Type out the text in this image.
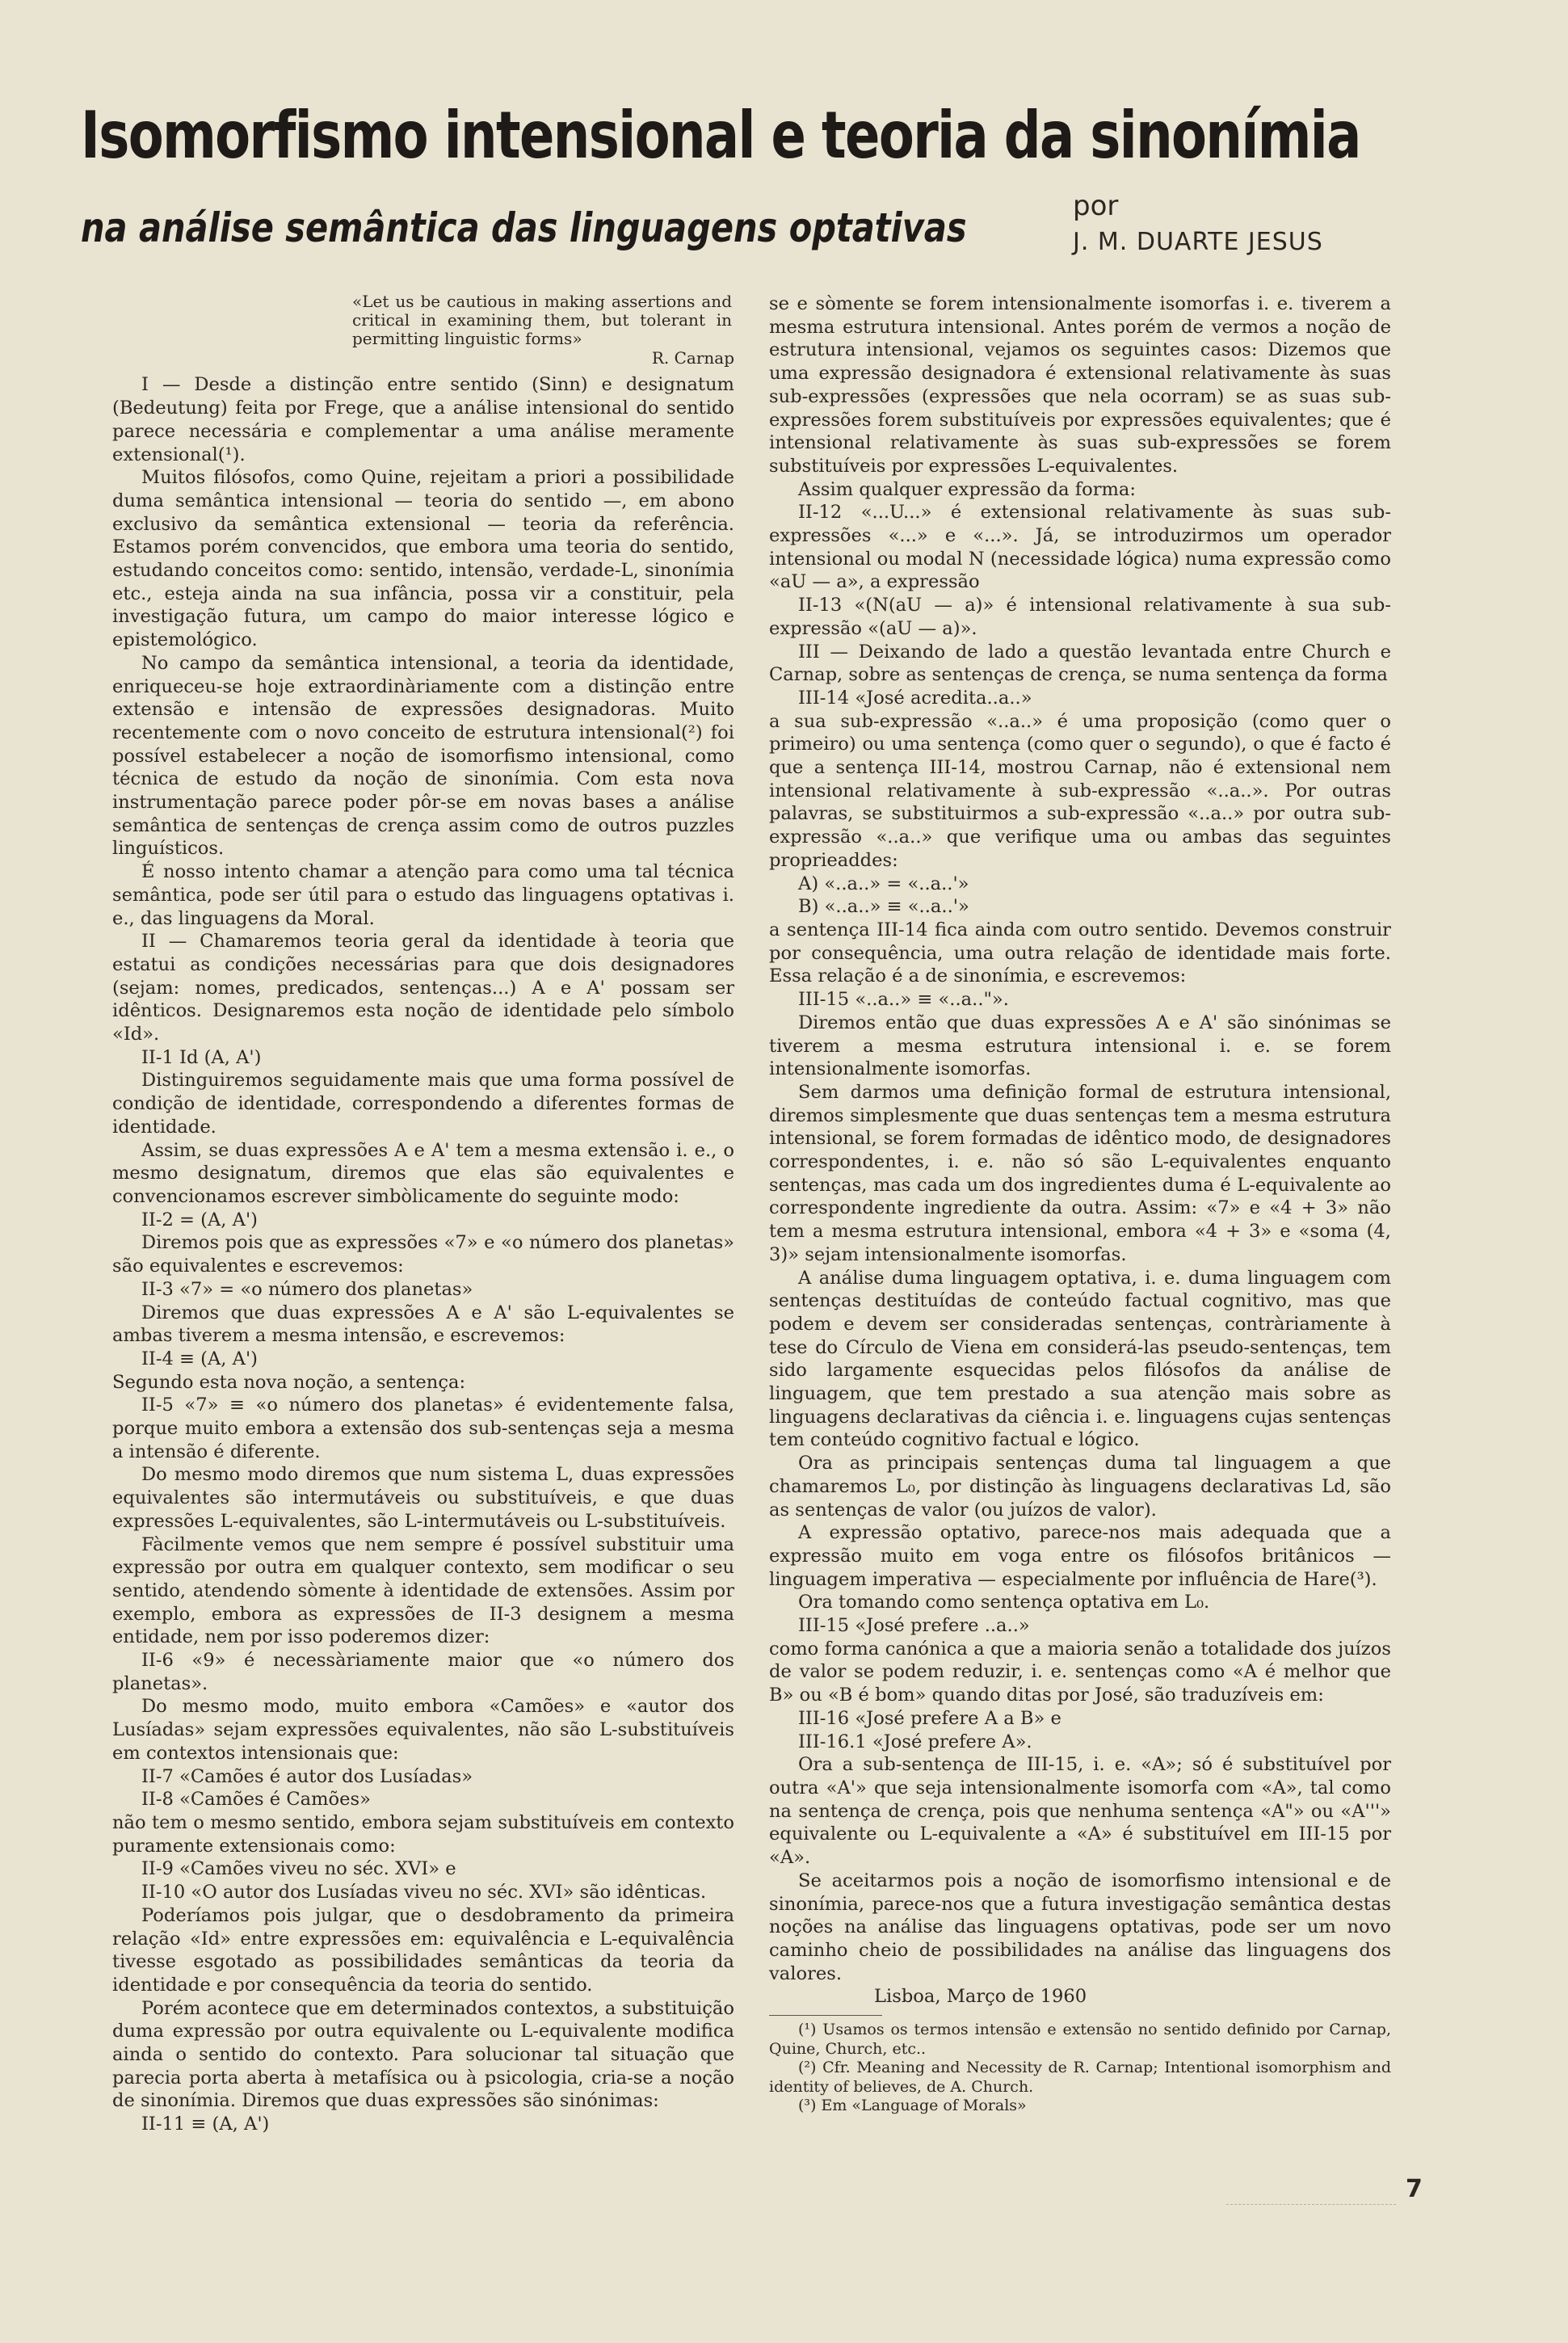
Isomorfismo intensional e teoria da sinonímia
na análise semântica das linguagens optativas	por
J. M. DUARTE JESUS
«Let us be cautious in making assertions and critical in examining them, but tolerant in permitting linguistic forms»
R. Carnap

I — Desde a distinção entre sentido (Sinn) e designatum (Bedeutung) feita por Frege, que a análise intensional do sentido parece necessária e complementar a uma análise meramente extensional(¹).

Muitos filósofos, como Quine, rejeitam a priori a possibilidade duma semântica intensional — teoria do sentido —, em abono exclusivo da semântica extensional — teoria da referência. Estamos porém convencidos, que embora uma teoria do sentido, estudando conceitos como: sentido, intensão, verdade-L, sinonímia etc., esteja ainda na sua infância, possa vir a constituir, pela investigação futura, um campo do maior interesse lógico e epistemológico.

No campo da semântica intensional, a teoria da identidade, enriqueceu-se hoje extraordinàriamente com a distinção entre extensão e intensão de expressões designadoras. Muito recentemente com o novo conceito de estrutura intensional(²) foi possível estabelecer a noção de isomorfismo intensional, como técnica de estudo da noção de sinonímia. Com esta nova instrumentação parece poder pôr-se em novas bases a análise semântica de sentenças de crença assim como de outros puzzles linguísticos.

É nosso intento chamar a atenção para como uma tal técnica semântica, pode ser útil para o estudo das linguagens optativas i. e., das linguagens da Moral.

II — Chamaremos teoria geral da identidade à teoria que estatui as condições necessárias para que dois designadores (sejam: nomes, predicados, sentenças...) A e A' possam ser idênticos. Designaremos esta noção de identidade pelo símbolo «Id».

II-1 Id (A, A')

Distinguiremos seguidamente mais que uma forma possível de condição de identidade, correspondendo a diferentes formas de identidade.

Assim, se duas expressões A e A' tem a mesma extensão i. e., o mesmo designatum, diremos que elas são equivalentes e convencionamos escrever simbòlicamente do seguinte modo:

II-2 = (A, A')

Diremos pois que as expressões «7» e «o número dos planetas» são equivalentes e escrevemos:

II-3 «7» = «o número dos planetas»

Diremos que duas expressões A e A' são L-equivalentes se ambas tiverem a mesma intensão, e escrevemos:

II-4 ≡ (A, A')

Segundo esta nova noção, a sentença:

II-5 «7» ≡ «o número dos planetas» é evidentemente falsa, porque muito embora a extensão dos sub-sentenças seja a mesma a intensão é diferente.

Do mesmo modo diremos que num sistema L, duas expressões equivalentes são intermutáveis ou substituíveis, e que duas expressões L-equivalentes, são L-intermutáveis ou L-substituíveis.

Fàcilmente vemos que nem sempre é possível substituir uma expressão por outra em qualquer contexto, sem modificar o seu sentido, atendendo sòmente à identidade de extensões. Assim por exemplo, embora as expressões de II-3 designem a mesma entidade, nem por isso poderemos dizer:

II-6 «9» é necessàriamente maior que «o número dos planetas».

Do mesmo modo, muito embora «Camões» e «autor dos Lusíadas» sejam expressões equivalentes, não são L-substituíveis em contextos intensionais que:

II-7 «Camões é autor dos Lusíadas»

II-8 «Camões é Camões»

não tem o mesmo sentido, embora sejam substituíveis em contexto puramente extensionais como:

II-9 «Camões viveu no séc. XVI» e

II-10 «O autor dos Lusíadas viveu no séc. XVI» são idênticas.

Poderíamos pois julgar, que o desdobramento da primeira relação «Id» entre expressões em: equivalência e L-equivalência tivesse esgotado as possibilidades semânticas da teoria da identidade e por consequência da teoria do sentido.

Porém acontece que em determinados contextos, a substituição duma expressão por outra equivalente ou L-equivalente modifica ainda o sentido do contexto. Para solucionar tal situação que parecia porta aberta à metafísica ou à psicologia, cria-se a noção de sinonímia. Diremos que duas expressões são sinónimas:

II-11 ≡ (A, A')

se e sòmente se forem intensionalmente isomorfas i. e. tiverem a mesma estrutura intensional. Antes porém de vermos a noção de estrutura intensional, vejamos os seguintes casos: Dizemos que uma expressão designadora é extensional relativamente às suas sub-expressões (expressões que nela ocorram) se as suas sub-expressões forem substituíveis por expressões equivalentes; que é intensional relativamente às suas sub-expressões se forem substituíveis por expressões L-equivalentes.

Assim qualquer expressão da forma:

II-12 «...U...» é extensional relativamente às suas sub-expressões «...» e «...». Já, se introduzirmos um operador intensional ou modal N (necessidade lógica) numa expressão como «aU — a», a expressão

II-13 «(N(aU — a)» é intensional relativamente à sua sub-expressão «(aU — a)».

III — Deixando de lado a questão levantada entre Church e Carnap, sobre as sentenças de crença, se numa sentença da forma

III-14 «José acredita..a..»

a sua sub-expressão «..a..» é uma proposição (como quer o primeiro) ou uma sentença (como quer o segundo), o que é facto é que a sentença III-14, mostrou Carnap, não é extensional nem intensional relativamente à sub-expressão «..a..». Por outras palavras, se substituirmos a sub-expressão «..a..» por outra sub-expressão «..a..» que verifique uma ou ambas das seguintes proprieaddes:

A) «..a..» = «..a..'»

B) «..a..» ≡ «..a..'»

a sentença III-14 fica ainda com outro sentido. Devemos construir por consequência, uma outra relação de identidade mais forte. Essa relação é a de sinonímia, e escrevemos:

III-15 «..a..» ≡ «..a.."».

Diremos então que duas expressões A e A' são sinónimas se tiverem a mesma estrutura intensional i. e. se forem intensionalmente isomorfas.

Sem darmos uma definição formal de estrutura intensional, diremos simplesmente que duas sentenças tem a mesma estrutura intensional, se forem formadas de idêntico modo, de designadores correspondentes, i. e. não só são L-equivalentes enquanto sentenças, mas cada um dos ingredientes duma é L-equivalente ao correspondente ingrediente da outra. Assim: «7» e «4 + 3» não tem a mesma estrutura intensional, embora «4 + 3» e «soma (4, 3)» sejam intensionalmente isomorfas.

A análise duma linguagem optativa, i. e. duma linguagem com sentenças destituídas de conteúdo factual cognitivo, mas que podem e devem ser consideradas sentenças, contràriamente à tese do Círculo de Viena em considerá-las pseudo-sentenças, tem sido largamente esquecidas pelos filósofos da análise de linguagem, que tem prestado a sua atenção mais sobre as linguagens declarativas da ciência i. e. linguagens cujas sentenças tem conteúdo cognitivo factual e lógico.

Ora as principais sentenças duma tal linguagem a que chamaremos L₀, por distinção às linguagens declarativas Ld, são as sentenças de valor (ou juízos de valor).

A expressão optativo, parece-nos mais adequada que a expressão muito em voga entre os filósofos britânicos — linguagem imperativa — especialmente por influência de Hare(³).

Ora tomando como sentença optativa em L₀.

III-15 «José prefere ..a..»

como forma canónica a que a maioria senão a totalidade dos juízos de valor se podem reduzir, i. e. sentenças como «A é melhor que B» ou «B é bom» quando ditas por José, são traduzíveis em:

III-16 «José prefere A a B» e

III-16.1 «José prefere A».

Ora a sub-sentença de III-15, i. e. «A»; só é substituível por outra «A'» que seja intensionalmente isomorfa com «A», tal como na sentença de crença, pois que nenhuma sentença «A"» ou «A'''» equivalente ou L-equivalente a «A» é substituível em III-15 por «A».

Se aceitarmos pois a noção de isomorfismo intensional e de sinonímia, parece-nos que a futura investigação semântica destas noções na análise das linguagens optativas, pode ser um novo caminho cheio de possibilidades na análise das linguagens dos valores.

Lisboa, Março de 1960

(¹) Usamos os termos intensão e extensão no sentido definido por Carnap, Quine, Church, etc..
(²) Cfr. Meaning and Necessity de R. Carnap; Intentional isomorphism and identity of believes, de A. Church.
(³) Em «Language of Morals»
7
